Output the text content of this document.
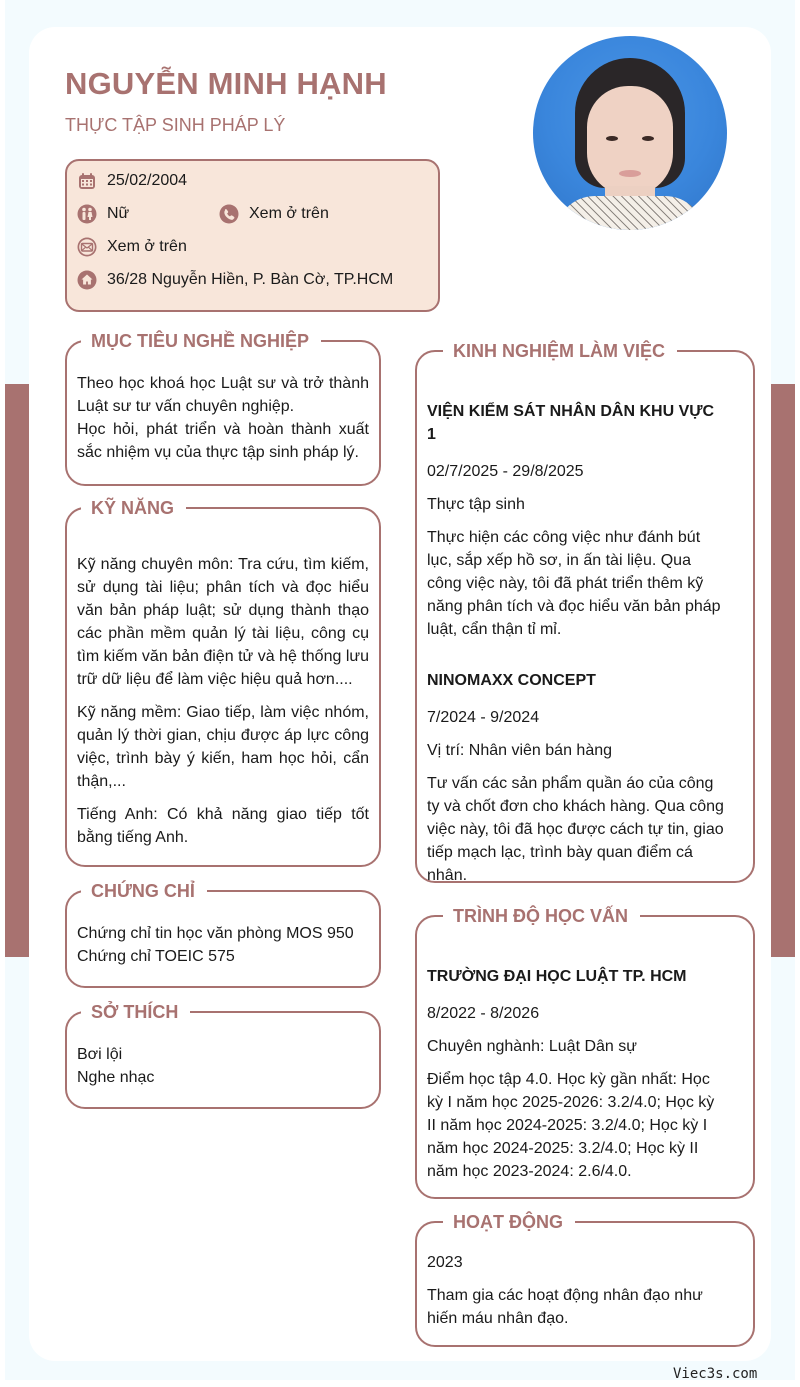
NGUYỄN MINH HẠNH
THỰC TẬP SINH PHÁP LÝ
25/02/2004
Nữ	Xem ở trên
Xem ở trên
36/28 Nguyễn Hiền, P. Bàn Cờ, TP.HCM
MỤC TIÊU NGHỀ NGHIỆP

Theo học khoá học Luật sư và trở thành Luật sư tư vấn chuyên nghiệp.

Học hỏi, phát triển và hoàn thành xuất sắc nhiệm vụ của thực tập sinh pháp lý.

KỸ NĂNG

Kỹ năng chuyên môn: Tra cứu, tìm kiếm, sử dụng tài liệu; phân tích và đọc hiểu văn bản pháp luật; sử dụng thành thạo các phần mềm quản lý tài liệu, công cụ tìm kiếm văn bản điện tử và hệ thống lưu trữ dữ liệu để làm việc hiệu quả hơn....

Kỹ năng mềm: Giao tiếp, làm việc nhóm, quản lý thời gian, chịu được áp lực công việc, trình bày ý kiến, ham học hỏi, cẩn thận,...

Tiếng Anh: Có khả năng giao tiếp tốt bằng tiếng Anh.

CHỨNG CHỈ
Chứng chỉ tin học văn phòng MOS 950
Chứng chỉ TOEIC 575
SỞ THÍCH
Bơi lội
Nghe nhạc
KINH NGHIỆM LÀM VIỆC

VIỆN KIỂM SÁT NHÂN DÂN KHU VỰC 1

02/7/2025 - 29/8/2025

Thực tập sinh

Thực hiện các công việc như đánh bút lục, sắp xếp hồ sơ, in ấn tài liệu. Qua công việc này, tôi đã phát triển thêm kỹ năng phân tích và đọc hiểu văn bản pháp luật, cẩn thận tỉ mỉ.

NINOMAXX CONCEPT

7/2024 - 9/2024

Vị trí: Nhân viên bán hàng

Tư vấn các sản phẩm quần áo của công ty và chốt đơn cho khách hàng. Qua công việc này, tôi đã học được cách tự tin, giao tiếp mạch lạc, trình bày quan điểm cá nhân.

TRÌNH ĐỘ HỌC VẤN

TRƯỜNG ĐẠI HỌC LUẬT TP. HCM

8/2022 - 8/2026

Chuyên nghành: Luật Dân sự

Điểm học tập 4.0. Học kỳ gần nhất: Học kỳ I năm học 2025-2026: 3.2/4.0; Học kỳ II năm học 2024-2025: 3.2/4.0; Học kỳ I năm học 2024-2025: 3.2/4.0; Học kỳ II năm học 2023-2024: 2.6/4.0.

HOẠT ĐỘNG

2023

Tham gia các hoạt động nhân đạo như hiến máu nhân đạo.

Viec3s.com
